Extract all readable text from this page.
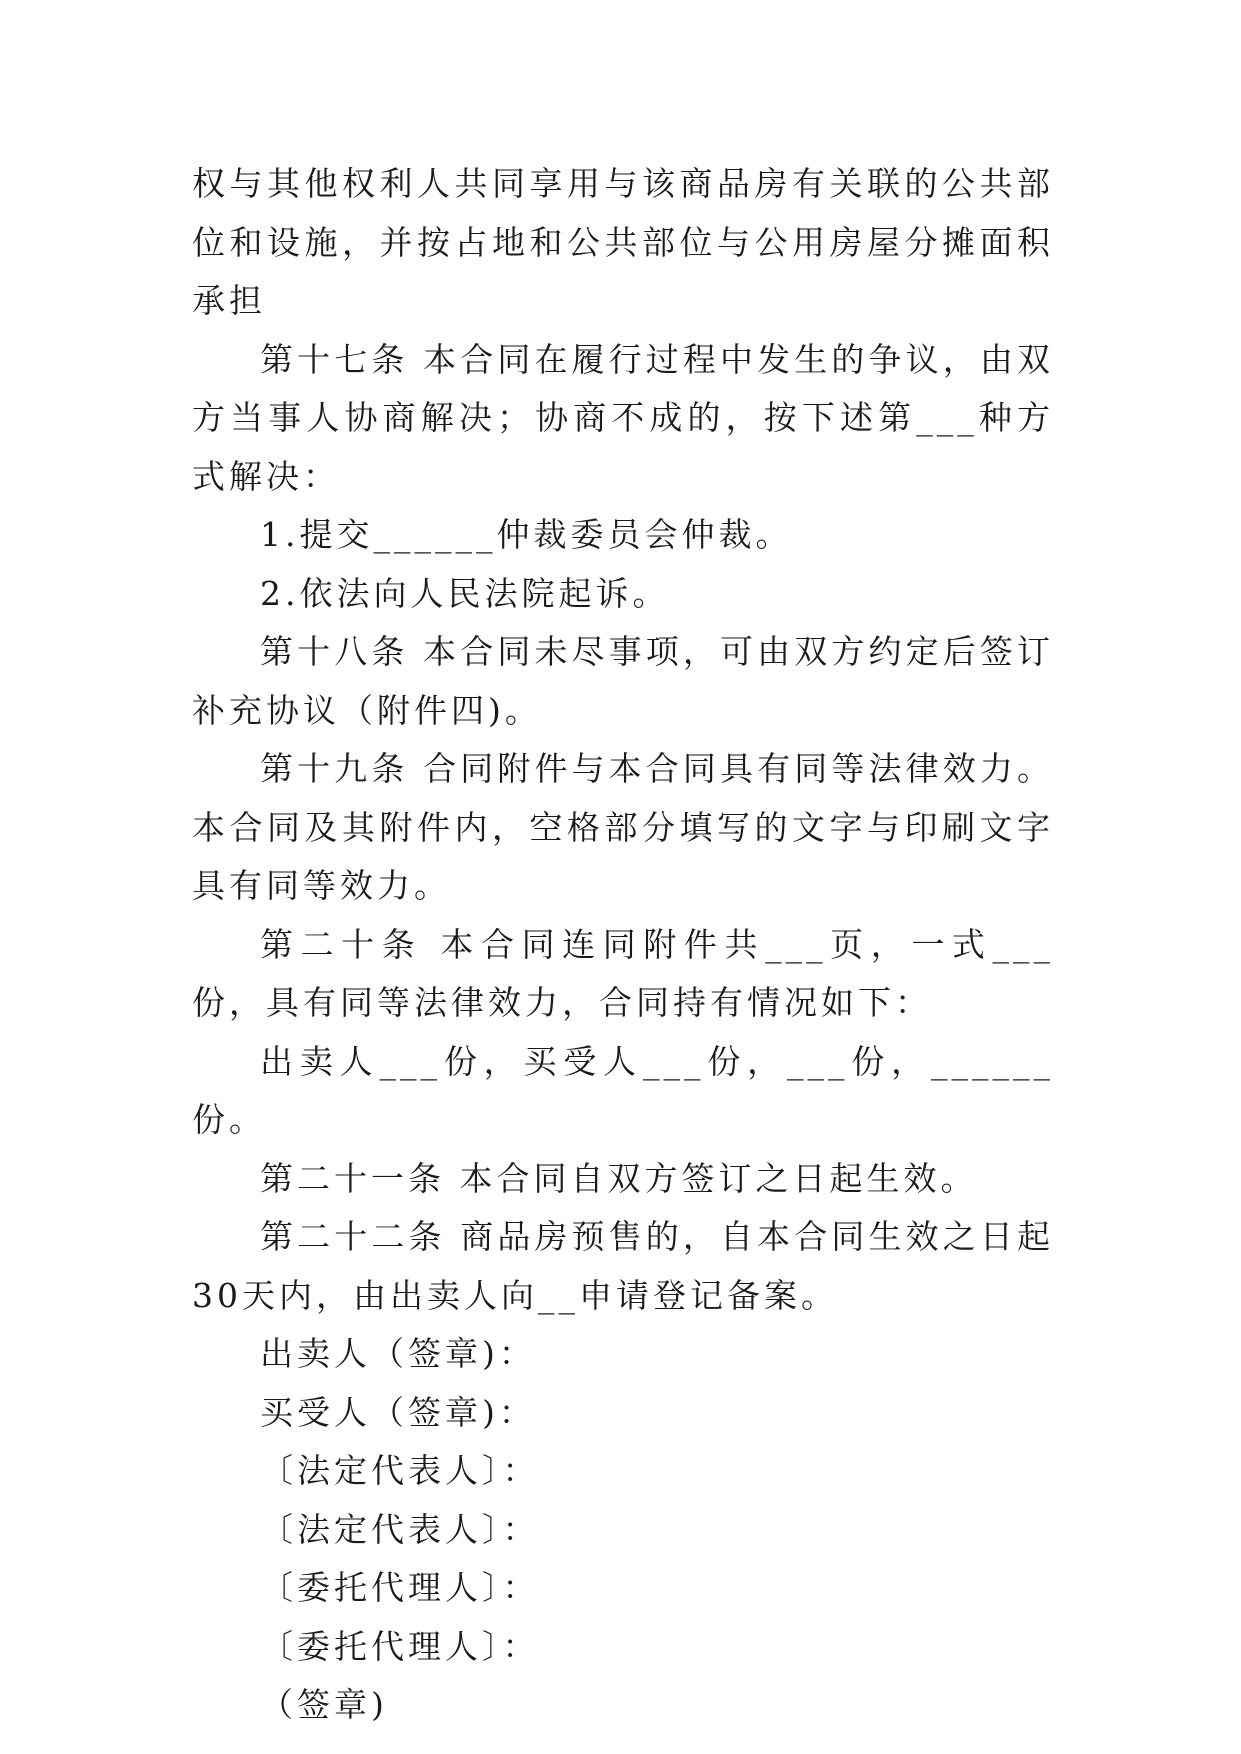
权与其他权利人共同享用与该商品房有关联的公共部位和设施，并按占地和公共部位与公用房屋分摊面积承担

第十七条 本合同在履行过程中发生的争议，由双方当事人协商解决；协商不成的，按下述第___种方式解决：

1.提交______仲裁委员会仲裁。

2.依法向人民法院起诉。

第十八条 本合同未尽事项，可由双方约定后签订补充协议（附件四)。

第十九条 合同附件与本合同具有同等法律效力。本合同及其附件内，空格部分填写的文字与印刷文字具有同等效力。

第二十条 本合同连同附件共___页，一式___份，具有同等法律效力，合同持有情况如下：

出卖人___份，买受人___份，___份，______份。

第二十一条 本合同自双方签订之日起生效。

第二十二条 商品房预售的，自本合同生效之日起30天内，由出卖人向__申请登记备案。

出卖人（签章)：

买受人（签章)：

〔法定代表人〕：

〔法定代表人〕：

〔委托代理人〕：

〔委托代理人〕：

（签章)
